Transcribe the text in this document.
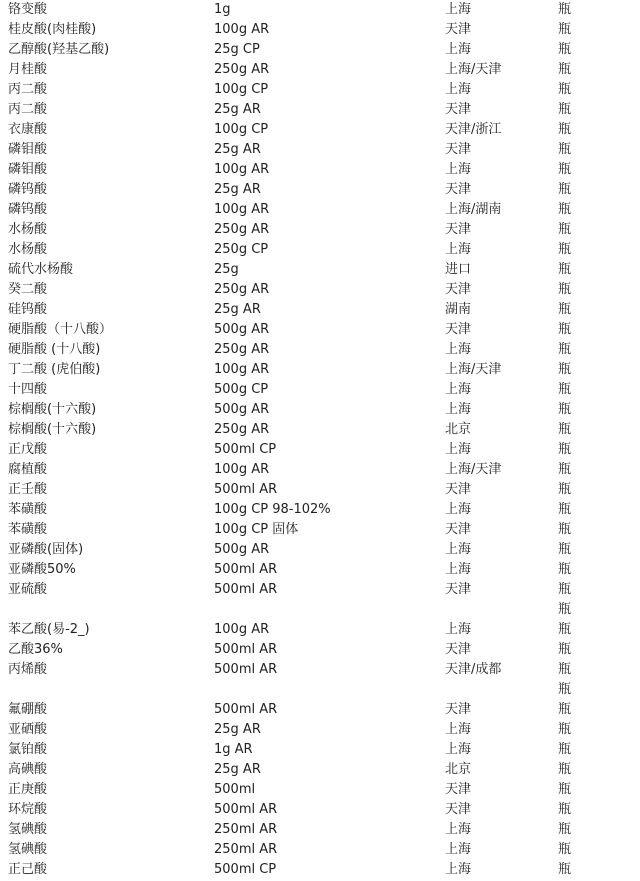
铬变酸	1g	上海	瓶
桂皮酸(肉桂酸)	100g AR	天津	瓶
乙醇酸(羟基乙酸)	25g CP	上海	瓶
月桂酸	250g AR	上海/天津	瓶
丙二酸	100g CP	上海	瓶
丙二酸	25g AR	天津	瓶
衣康酸	100g CP	天津/浙江	瓶
磷钼酸	25g AR	天津	瓶
磷钼酸	100g AR	上海	瓶
磷钨酸	25g AR	天津	瓶
磷钨酸	100g AR	上海/湖南	瓶
水杨酸	250g AR	天津	瓶
水杨酸	250g CP	上海	瓶
硫代水杨酸	25g	进口	瓶
癸二酸	250g AR	天津	瓶
硅钨酸	25g AR	湖南	瓶
硬脂酸（十八酸）	500g AR	天津	瓶
硬脂酸 (十八酸)	250g AR	上海	瓶
丁二酸 (虎伯酸)	100g AR	上海/天津	瓶
十四酸	500g CP	上海	瓶
棕榈酸(十六酸)	500g AR	上海	瓶
棕榈酸(十六酸)	250g AR	北京	瓶
正戊酸	500ml CP	上海	瓶
腐植酸	100g AR	上海/天津	瓶
正壬酸	500ml AR	天津	瓶
苯磺酸	100g CP 98-102%	上海	瓶
苯磺酸	100g CP 固体	天津	瓶
亚磷酸(固体)	500g AR	上海	瓶
亚磷酸50%	500ml AR	上海	瓶
亚硫酸	500ml AR	天津	瓶
瓶
苯乙酸(易-2_)	100g AR	上海	瓶
乙酸36%	500ml AR	天津	瓶
丙烯酸	500ml AR	天津/成都	瓶
瓶
氟硼酸	500ml AR	天津	瓶
亚硒酸	25g AR	上海	瓶
氯铂酸	1g AR	上海	瓶
高碘酸	25g AR	北京	瓶
正庚酸	500ml	天津	瓶
环烷酸	500ml AR	天津	瓶
氢碘酸	250ml AR	上海	瓶
氢碘酸	250ml AR	上海	瓶
正己酸	500ml CP	上海	瓶
